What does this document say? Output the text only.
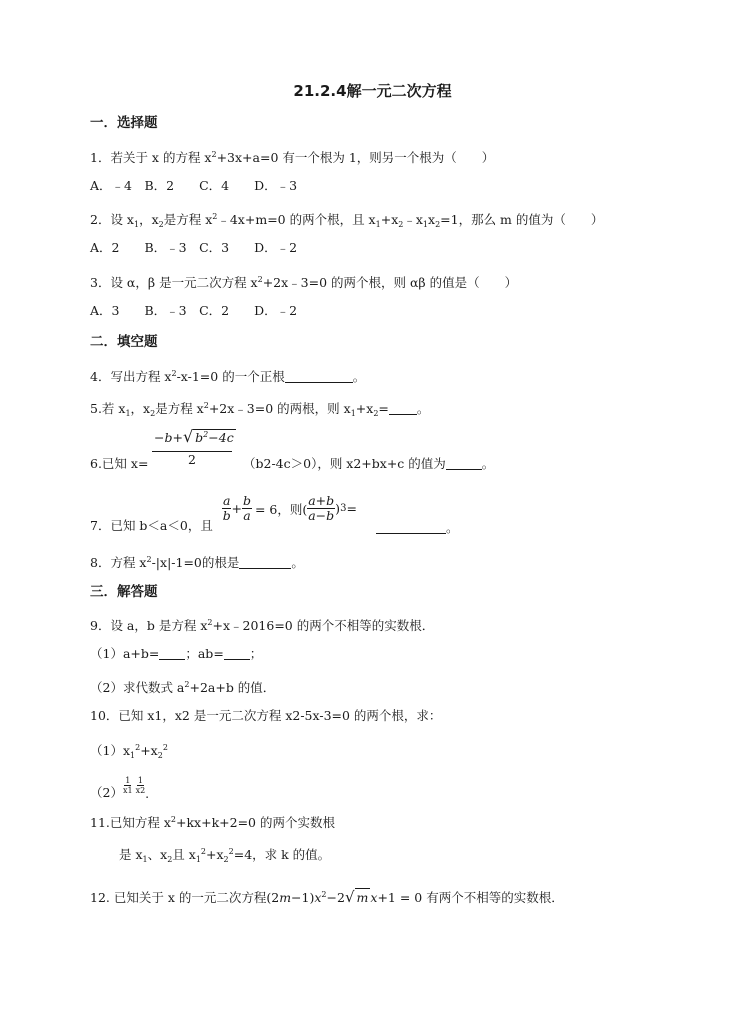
21.2.4解一元二次方程
一．选择题
1．若关于 x 的方程 $x^2+3x+a=0$ 有一个根为 1，则另一个根为（　　）
A．﹣4　B．2　　C．4　　D．﹣3
2．设 $x_1$，$x_2$是方程 $x^2﹣4x+m=0$ 的两个根，且 $x_1+x_2﹣x_1x_2=1$，那么 m 的值为（　　）
A．2　　B．﹣3　C．3　　D．﹣2
3．设 α，β 是一元二次方程 $x^2+2x﹣3=0$ 的两个根，则 αβ 的值是（　　）
A．3　　B．﹣3　C．2　　D．﹣2
二．填空题
4．写出方程 $x^2-x-1=0$ 的一个正根	。
5.若 $x_1$，$x_2$是方程 $x^2+2x﹣3=0$ 的两根，则 $x_1+x_2=$ 。
6.已知 $x= \frac{-b+√ b^2-4c}{2} (b2-4c>0)$，则 x2+bx+c 的值为	。
7．已知 b＜a＜0，且
$\frac{a}{b} + \frac{b}{a} = 6$，则( $\frac{a+b}{a-b}$ ) 3 =
。
8．方程 $x^2-|x|-1=0$的根是	。
三．解答题
9．设 a，b 是方程 $x^2+x﹣2016=0$ 的两个不相等的实数根．
（1）a+b= ；ab= ；
（2）求代数式 $a^2+2a+b$ 的值．
10．已知 x1，x2 是一元二次方程 x2-5x-3=0 的两个根，求：
$(1)x_1^2+x_2^2$
$(2) \frac{1}{x1} \frac{1}{x2}$ .
11.已知方程 $x^2+kx+k+2=0$ 的两个实数根
是 $x_1$、$x_2$且 $x_1^2+x_2^2=4$，求 k 的值。
12. 已知关于 x 的一元二次方程$(2m-1)x^2-2√$ m x+1 = 0 有两个不相等的实数根．
